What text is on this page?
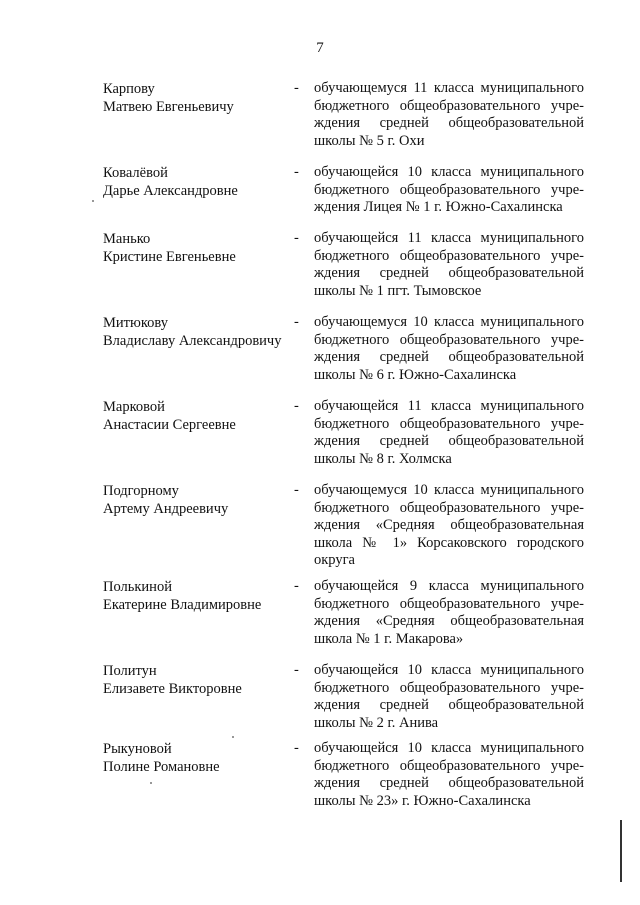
7
Карпову
Матвею Евгеньевичу
- обучающемуся 11 класса муниципального
бюджетного общеобразовательного учре-
ждения средней общеобразовательной
школы № 5 г. Охи
Ковалёвой
Дарье Александровне
- обучающейся 10 класса муниципального
бюджетного общеобразовательного учре-
ждения Лицея № 1 г. Южно-Сахалинска
Манько
Кристине Евгеньевне
- обучающейся 11 класса муниципального
бюджетного общеобразовательного учре-
ждения средней общеобразовательной
школы № 1 пгт. Тымовское
Митюкову
Владиславу Александровичу
- обучающемуся 10 класса муниципального
бюджетного общеобразовательного учре-
ждения средней общеобразовательной
школы № 6 г. Южно-Сахалинска
Марковой
Анастасии Сергеевне
- обучающейся 11 класса муниципального
бюджетного общеобразовательного учре-
ждения средней общеобразовательной
школы № 8 г. Холмска
Подгорному
Артему Андреевичу
- обучающемуся 10 класса муниципального
бюджетного общеобразовательного учре-
ждения «Средняя общеобразовательная
школа № 1» Корсаковского городского
округа
Полькиной
Екатерине Владимировне
- обучающейся 9 класса муниципального
бюджетного общеобразовательного учре-
ждения «Средняя общеобразовательная
школа № 1 г. Макарова»
Политун
Елизавете Викторовне
- обучающейся 10 класса муниципального
бюджетного общеобразовательного учре-
ждения средней общеобразовательной
школы № 2 г. Анива
Рыкуновой
Полине Романовне
- обучающейся 10 класса муниципального
бюджетного общеобразовательного учре-
ждения средней общеобразовательной
школы № 23» г. Южно-Сахалинска
